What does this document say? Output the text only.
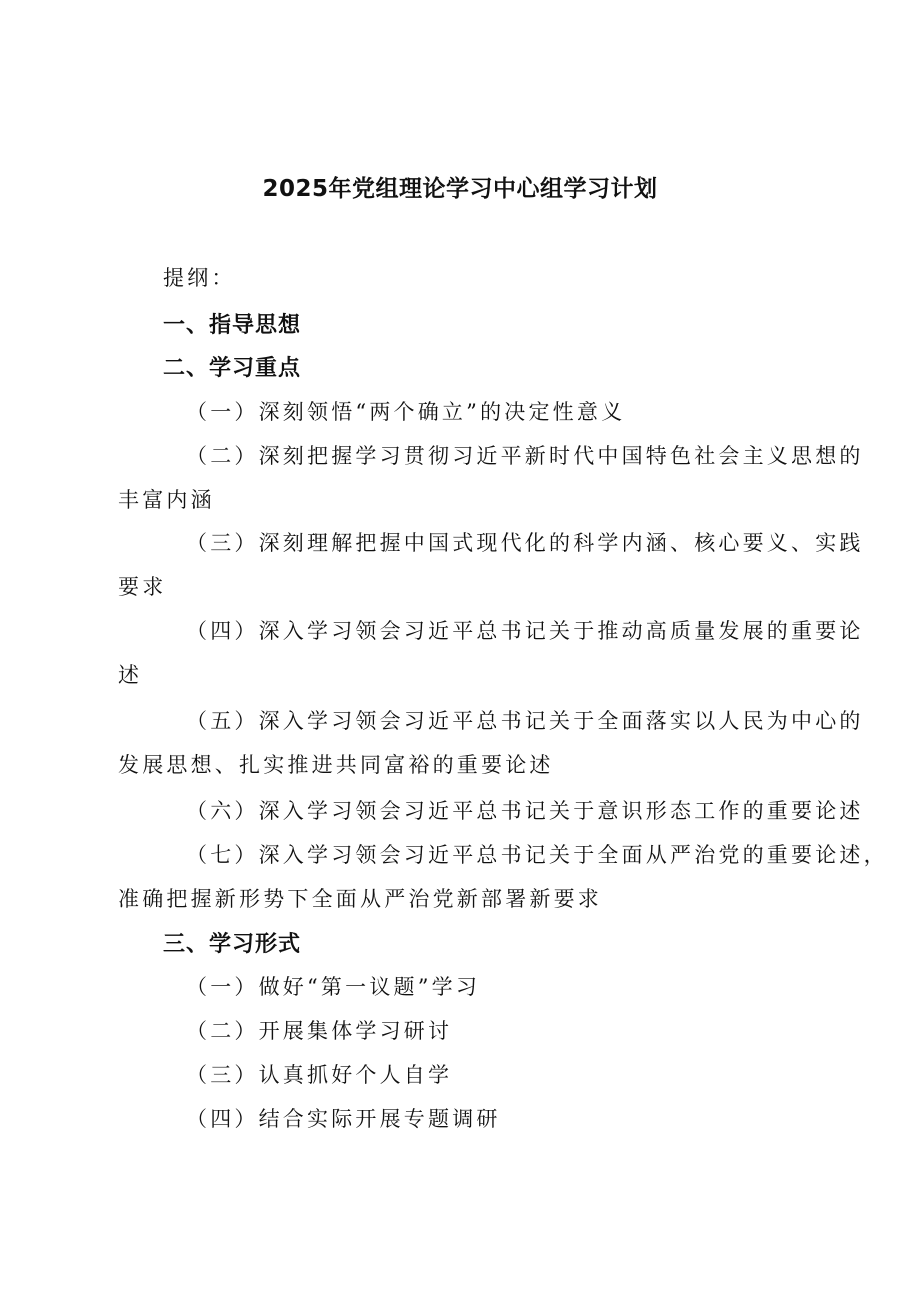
2025年党组理论学习中心组学习计划
提纲：
一、指导思想
二、学习重点
（一）深刻领悟“两个确立”的决定性意义
（二）深刻把握学习贯彻习近平新时代中国特色社会主义思想的
丰富内涵
（三）深刻理解把握中国式现代化的科学内涵、核心要义、实践
要求
（四）深入学习领会习近平总书记关于推动高质量发展的重要论
述
（五）深入学习领会习近平总书记关于全面落实以人民为中心的
发展思想、扎实推进共同富裕的重要论述
（六）深入学习领会习近平总书记关于意识形态工作的重要论述
（七）深入学习领会习近平总书记关于全面从严治党的重要论述，
准确把握新形势下全面从严治党新部署新要求
三、学习形式
（一）做好“第一议题”学习
（二）开展集体学习研讨
（三）认真抓好个人自学
（四）结合实际开展专题调研
